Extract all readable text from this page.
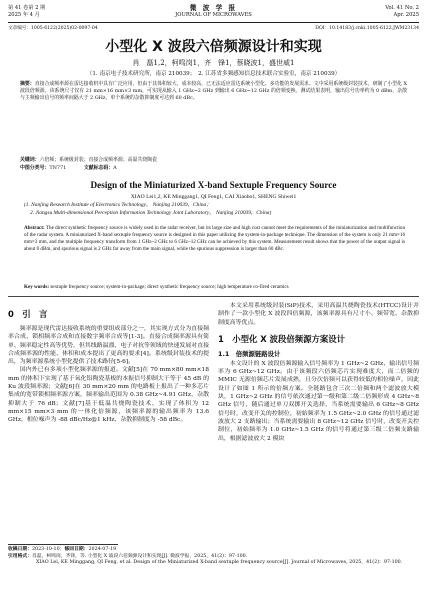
第 41 卷第 2 期
2025 年 4 月
微 波 学 报
JOURNAL OF MICROWAVES
Vol. 41 No. 2
Apr. 2025
文章编号：1005-6122(2025)02-0097-04	DOI：10.14183/j.cnki.1005-6122.JWM23134
小型化 X 波段六倍频源设计和实现
肖　磊1,2，柯鸣岗1，齐　锋1，蔡晓波1，盛世威1
（1. 南京电子技术研究所，南京 210039；　2. 江苏省多频感知信息技术联合实验室，南京 210039）
摘要：直接合成频率源在雷达接收机中具有广泛应用，但由于其体积较大、成本较高，已无法适应雷达系统小型化、多功能的发展需求。文中采用系统级封装技术，研制了小型化 X 波段倍频源，该系统尺寸仅有 21 mm×16 mm×3 mm，可实现从输入 1 GHz~2 GHz 到输出 6 GHz~12 GHz 的倍频变换。测试结果表明，输出信号功率约为 0 dBm，杂散与主频输出信号的频率间隔大于 2 GHz，单个系统的杂散抑制度可达到 60 dBc。
关键词：六倍频；系统级封装；直接合成频率源；高温共烧陶瓷
中图分类号：TN771	文献标志码：A
Design of the Miniaturized X-band Sextuple Frequency Source
XIAO Lei1,2, KE Minggang1, QI Feng1, CAI Xiaobo1, SHENG Shiwei1
(1. Nanjing Research Institute of Electronics Technology， Nanjing 210039，China；
2. Jiangsu Multi-dimensional Perception Information Technology Joint Laboratory， Nanjing 210039，China)
Abstract: The direct synthetic frequency source is widely used in the radar receiver, but its large size and high cost cannot meet the requirements of the miniaturization and multifunction of the radar system. A miniaturized X-band sextuple frequency source is designed in this paper utilizing the system-in-package technique. The dimension of the system is only 21 mm×16 mm×3 mm, and the multiple frequency transform from 1 GHz~2 GHz to 6 GHz~12 GHz can be achieved by this system. Measurement result shows that the power of the output signal is about 0 dBm, and spurious signal is 2 GHz far away from the main signal, while the spurious suppression is larger than 60 dBc.
Key words: sextuple frequency source; system-in-package; direct synthetic frequency source; high temperature co-fired ceramics
0　引　言

频率源是现代雷达接收系统的重要组成部分之一，其实现方式分为直接频率合成、锁相频率合成和直接数字频率合成等[1-3]。直接合成频率源具有简单、频率稳定性高等优势，但其线路温漂、电子对抗等领域的快速发展对直接合成频率源的性能、体积和成本提出了更高的要求[4]。系统级封装技术的提出，为频率源系统小型化提供了技术路径[5-6]。

国内外已有多项小型化频率源的报道。文献[5]在 70 mm×80 mm×18 mm 的体积下实现了基于氧化铝陶瓷基板的本振信号抑制大于等于 45 dB 的 Ku 波段频率源；文献[6]在 30 mm×20 mm 的电路板上报出了一种多芯片集成的宽带锁相频率源方案，频率输出范围为 0.38 GHz~4.91 GHz，杂散抑制大于 76 dB；文献[7]基于低温共烧陶瓷技术，实现了体积为 12 mm×15 mm×3 mm 的一体化倍频源，该频率源的输出频率为 13.6 GHz，相位噪声为 -88 dBc/Hz@1 kHz，杂散抑制度为 -58 dBc。

本文采用系统级封装(SiP)技术，采用高温共烧陶瓷技术(HTCC)设计并制作了一款小型化 X 波段四倍频源，该频率源具有尺寸小、频带宽、杂散抑制度高等优点。

1　小型化 X 波段倍频源方案设计
1.1　倍频源链路设计

本文设计的 X 波段倍频源输入信号频率为 1 GHz~2 GHz，输出信号频率为 6 GHz~12 GHz。由于该频段六倍频芯片实现难度大，而二倍频的 MMIC 无源倍频芯片发展成熟，且分次倍频可以获得较低的相位噪声，因此设计了如图 1 所示的倍频方案。全链路包含三次二倍频和两个滤波放大模块，1 GHz~2 GHz 的信号依次通过第一级和第二级二倍频形成 4 GHz~8 GHz 信号，随后通过单刀双掷开关选择，当系统需要输出 6 GHz~8 GHz 信号时，改变开关的控制位，初始频率为 1.5 GHz~2.0 GHz 的信号通过滤波放大 2 支路输出；当系统需要输出 8 GHz~12 GHz 信号时，改变开关控制位，初始频率为 1.0 GHz~1.5 GHz 的信号将通过第三级二倍频支路输出，根据滤波放大 2 模块

收稿日期：2023-10-10；修回日期：2024-07-19
引用格式：肖磊，柯鸣岗，齐锋，等. 小型化 X 波段六倍频源设计和实现[J]. 微波学报，2025，41(2)：97-100.
XIAO Lei, KE Minggang, QI Feng, et al. Design of the Miniaturized X-band sextuple frequency source[J]. Journal of Microwaves, 2025，41(2)：97-100.
